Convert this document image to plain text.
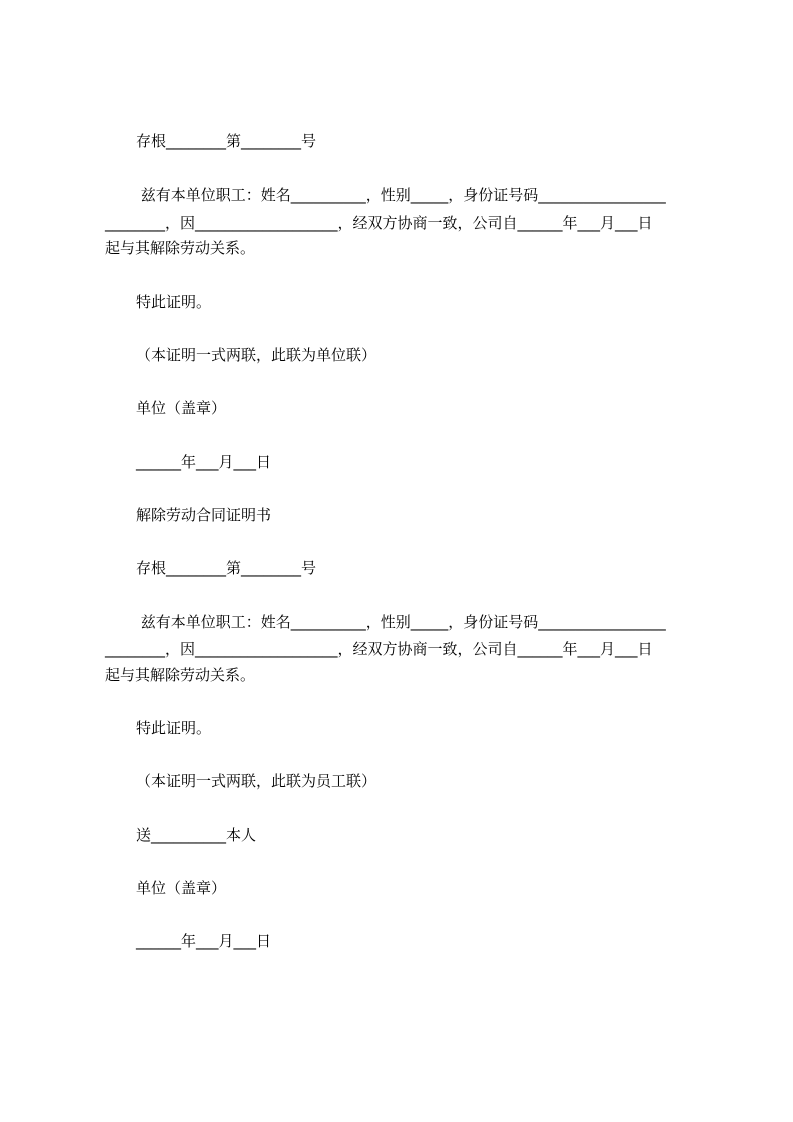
存根________第________号

兹有本单位职工：姓名__________，性别_____，身份证号码_________________

________，因___________________，经双方协商一致，公司自______年___月___日

起与其解除劳动关系。

特此证明。

（本证明一式两联，此联为单位联）

单位（盖章）

______年___月___日

解除劳动合同证明书

存根________第________号

兹有本单位职工：姓名__________，性别_____，身份证号码_________________

________，因___________________，经双方协商一致，公司自______年___月___日

起与其解除劳动关系。

特此证明。

（本证明一式两联，此联为员工联）

送__________本人

单位（盖章）

______年___月___日
